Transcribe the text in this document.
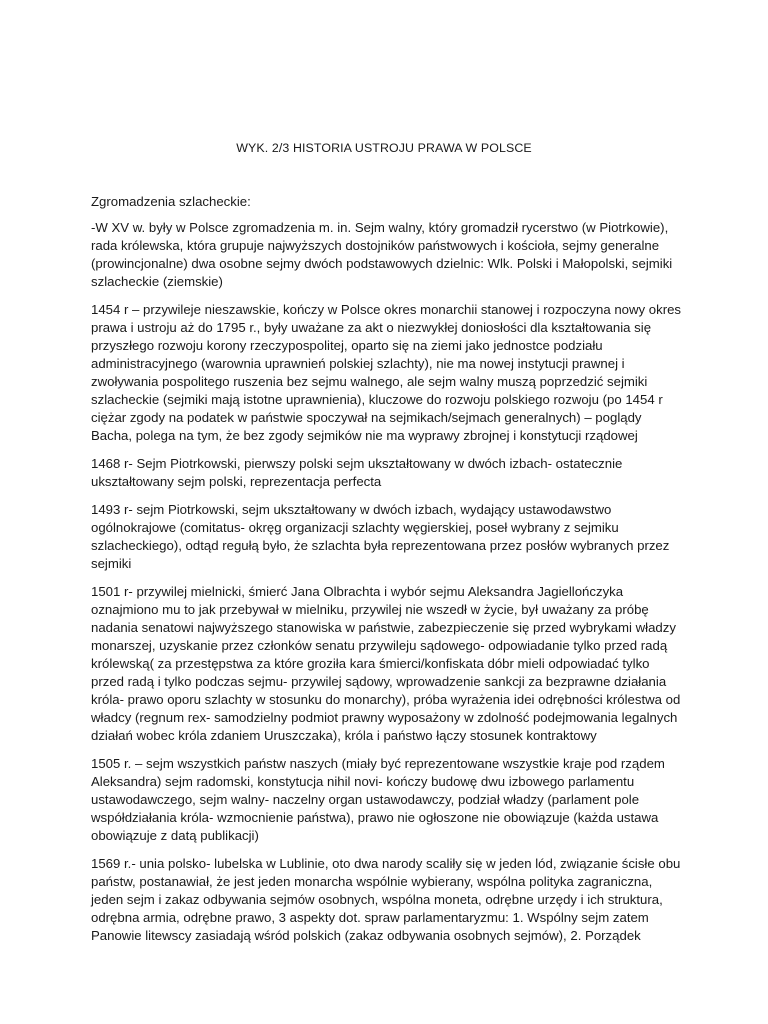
WYK. 2/3 HISTORIA USTROJU PRAWA W POLSCE

Zgromadzenia szlacheckie:

-W XV w. były w Polsce zgromadzenia m. in. Sejm walny, który gromadził rycerstwo (w Piotrkowie), rada królewska, która grupuje najwyższych dostojników państwowych i kościoła, sejmy generalne (prowincjonalne) dwa osobne sejmy dwóch podstawowych dzielnic: Wlk. Polski i Małopolski, sejmiki szlacheckie (ziemskie)

1454 r – przywileje nieszawskie, kończy w Polsce okres monarchii stanowej i rozpoczyna nowy okres prawa i ustroju aż do 1795 r., były uważane za akt o niezwykłej doniosłości dla kształtowania się przyszłego rozwoju korony rzeczypospolitej, oparto się na ziemi jako jednostce podziału administracyjnego (warownia uprawnień polskiej szlachty), nie ma nowej instytucji prawnej i zwoływania pospolitego ruszenia bez sejmu walnego, ale sejm walny muszą poprzedzić sejmiki szlacheckie (sejmiki mają istotne uprawnienia), kluczowe do rozwoju polskiego rozwoju (po 1454 r ciężar zgody na podatek w państwie spoczywał na sejmikach/sejmach generalnych) – poglądy Bacha, polega na tym, że bez zgody sejmików nie ma wyprawy zbrojnej i konstytucji rządowej

1468 r- Sejm Piotrkowski, pierwszy polski sejm ukształtowany w dwóch izbach- ostatecznie ukształtowany sejm polski, reprezentacja perfecta

1493 r- sejm Piotrkowski, sejm ukształtowany w dwóch izbach, wydający ustawodawstwo ogólnokrajowe (comitatus- okręg organizacji szlachty węgierskiej, poseł wybrany z sejmiku szlacheckiego), odtąd regułą było, że szlachta była reprezentowana przez posłów wybranych przez sejmiki

1501 r- przywilej mielnicki, śmierć Jana Olbrachta i wybór sejmu Aleksandra Jagiellończyka oznajmiono mu to jak przebywał w mielniku, przywilej nie wszedł w życie, był uważany za próbę nadania senatowi najwyższego stanowiska w państwie, zabezpieczenie się przed wybrykami władzy monarszej, uzyskanie przez członków senatu przywileju sądowego- odpowiadanie tylko przed radą królewską( za przestępstwa za które groziła kara śmierci/konfiskata dóbr mieli odpowiadać tylko przed radą i tylko podczas sejmu- przywilej sądowy, wprowadzenie sankcji za bezprawne działania króla- prawo oporu szlachty w stosunku do monarchy), próba wyrażenia idei odrębności królestwa od władcy (regnum rex- samodzielny podmiot prawny wyposażony w zdolność podejmowania legalnych działań wobec króla zdaniem Uruszczaka), króla i państwo łączy stosunek kontraktowy

1505 r. – sejm wszystkich państw naszych (miały być reprezentowane wszystkie kraje pod rządem Aleksandra) sejm radomski, konstytucja nihil novi- kończy budowę dwu izbowego parlamentu ustawodawczego, sejm walny- naczelny organ ustawodawczy, podział władzy (parlament pole współdziałania króla- wzmocnienie państwa), prawo nie ogłoszone nie obowiązuje (każda ustawa obowiązuje z datą publikacji)

1569 r.- unia polsko- lubelska w Lublinie, oto dwa narody scaliły się w jeden lód, związanie ścisłe obu państw, postanawiał, że jest jeden monarcha wspólnie wybierany, wspólna polityka zagraniczna, jeden sejm i zakaz odbywania sejmów osobnych, wspólna moneta, odrębne urzędy i ich struktura, odrębna armia, odrębne prawo, 3 aspekty dot. spraw parlamentaryzmu: 1. Wspólny sejm zatem Panowie litewscy zasiadają wśród polskich (zakaz odbywania osobnych sejmów), 2. Porządek
